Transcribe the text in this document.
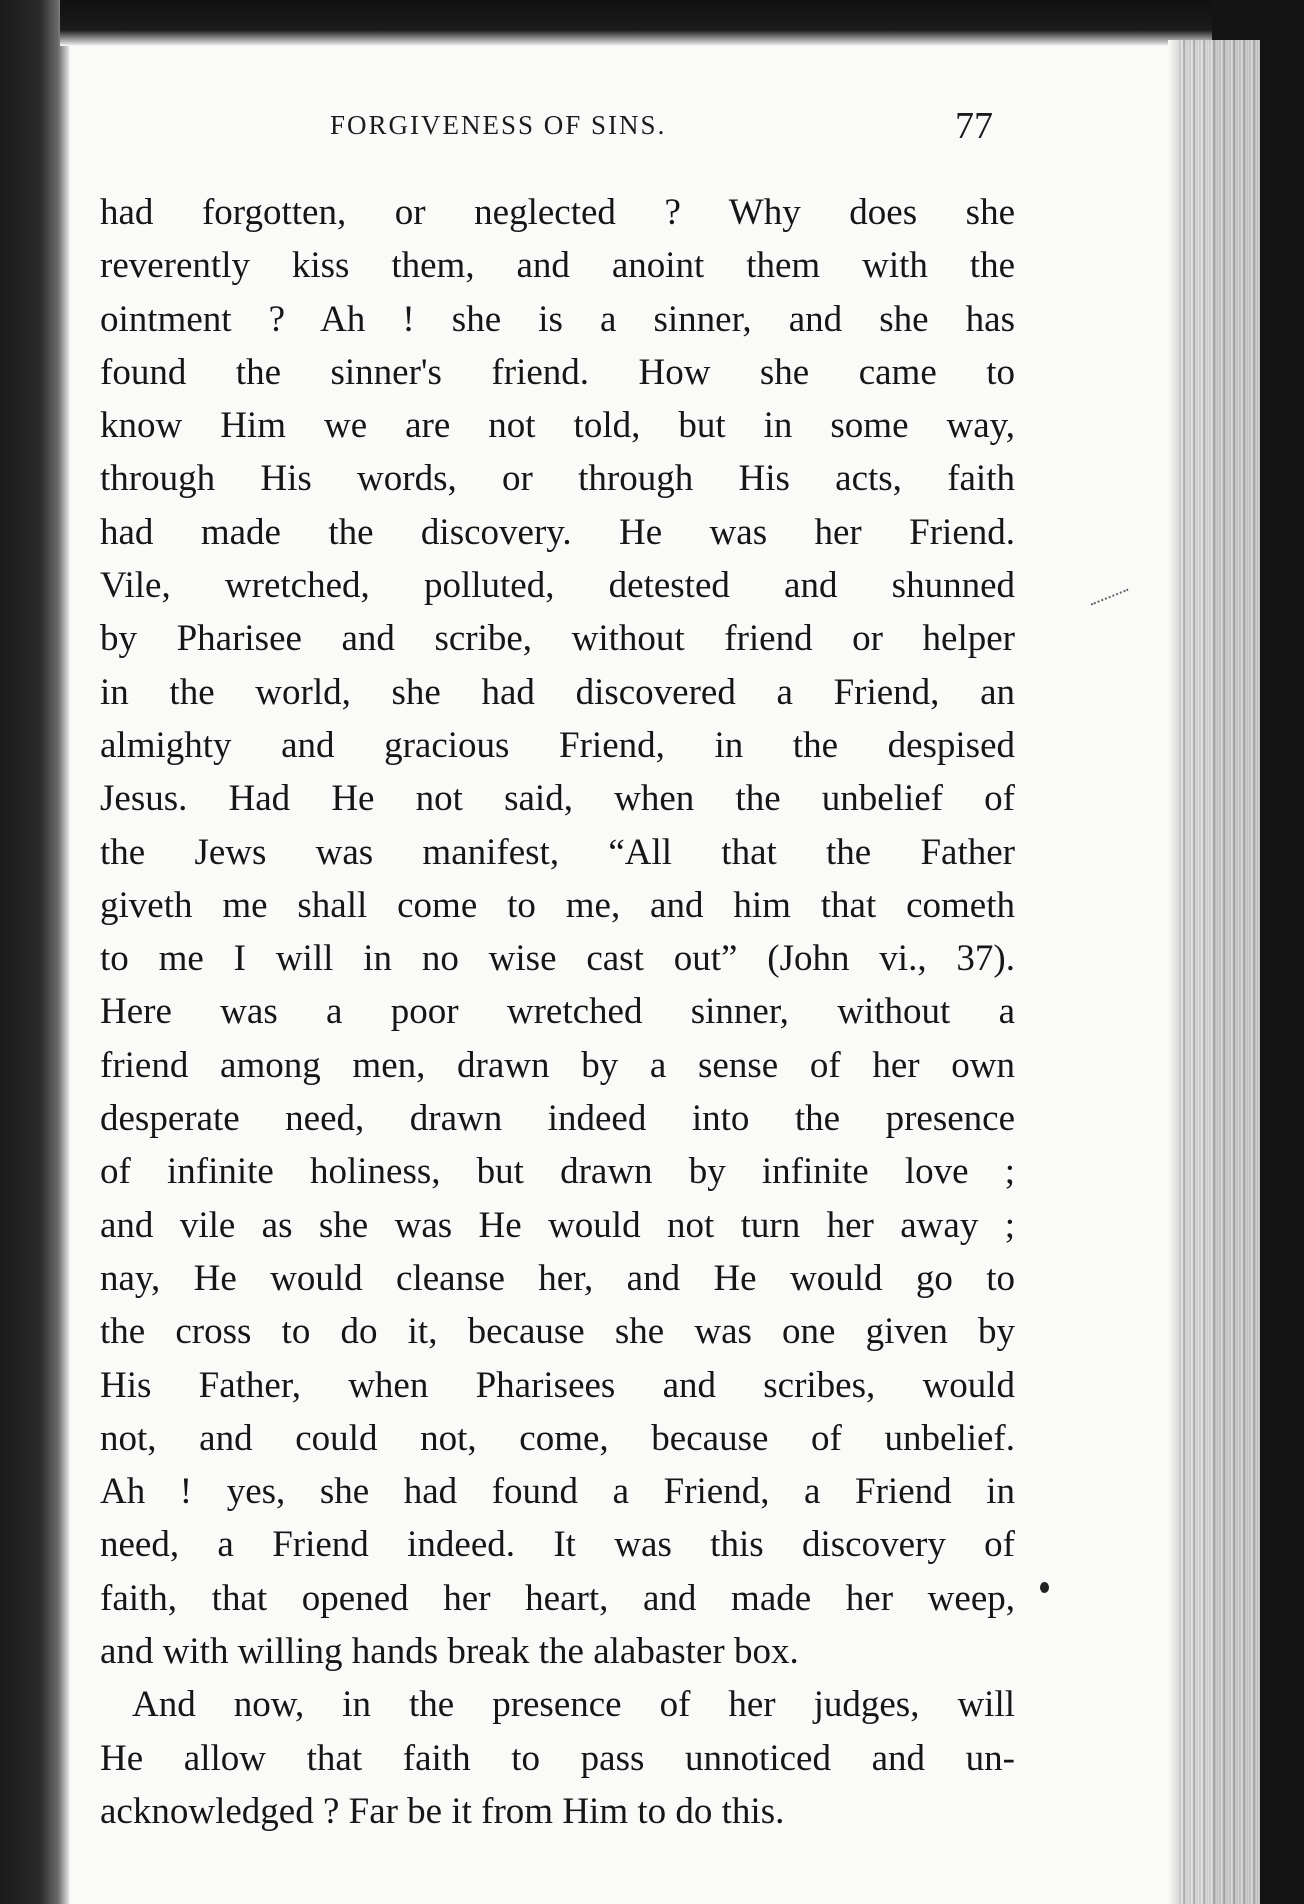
FORGIVENESS OF SINS.	77
had forgotten, or neglected ? Why does she
reverently kiss them, and anoint them with the
ointment ? Ah ! she is a sinner, and she has
found the sinner's friend. How she came to
know Him we are not told, but in some way,
through His words, or through His acts, faith
had made the discovery. He was her Friend.
Vile, wretched, polluted, detested and shunned
by Pharisee and scribe, without friend or helper
in the world, she had discovered a Friend, an
almighty and gracious Friend, in the despised
Jesus. Had He not said, when the unbelief of
the Jews was manifest, “All that the Father
giveth me shall come to me, and him that cometh
to me I will in no wise cast out” (John vi., 37).
Here was a poor wretched sinner, without a
friend among men, drawn by a sense of her own
desperate need, drawn indeed into the presence
of infinite holiness, but drawn by infinite love ;
and vile as she was He would not turn her away ;
nay, He would cleanse her, and He would go to
the cross to do it, because she was one given by
His Father, when Pharisees and scribes, would
not, and could not, come, because of unbelief.
Ah ! yes, she had found a Friend, a Friend in
need, a Friend indeed. It was this discovery of
faith, that opened her heart, and made her weep,
and with willing hands break the alabaster box.
And now, in the presence of her judges, will
He allow that faith to pass unnoticed and un-
acknowledged ? Far be it from Him to do this.
